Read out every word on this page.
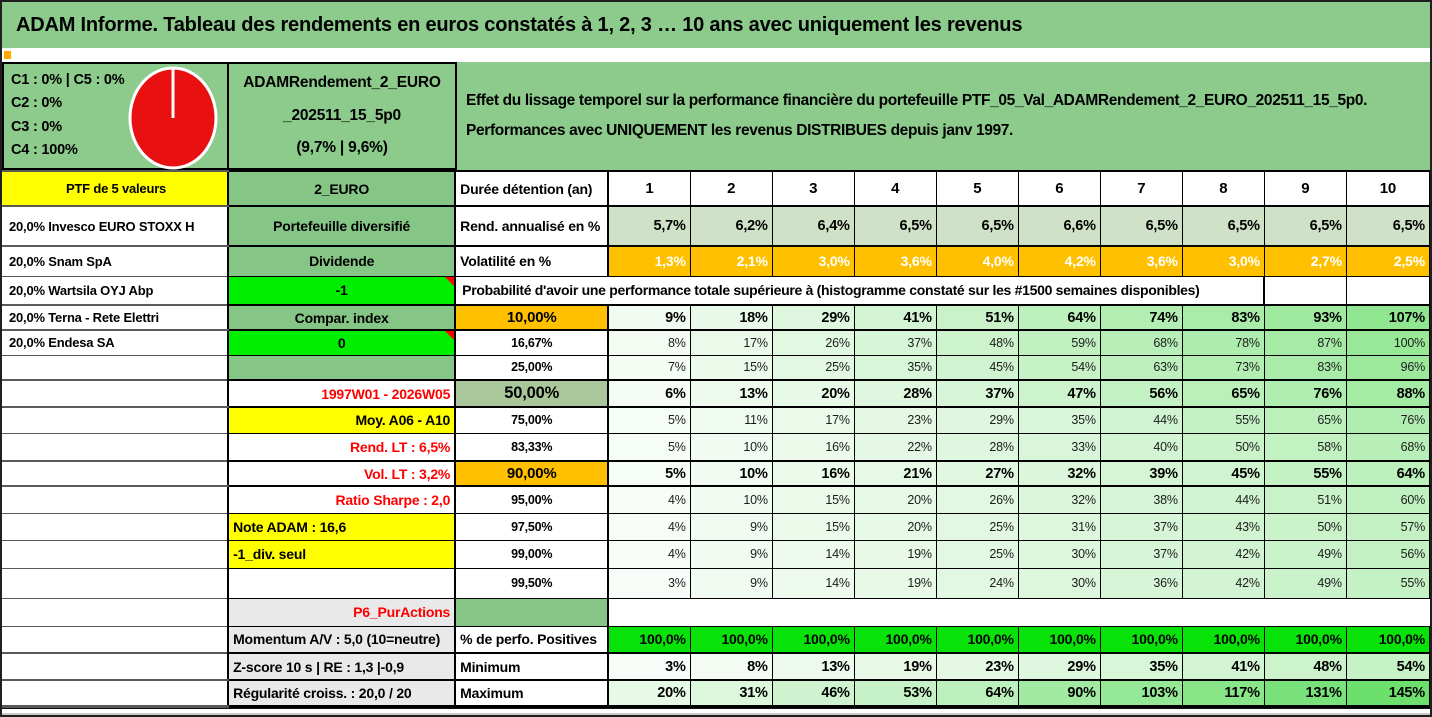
ADAM Informe. Tableau des rendements en euros constatés à 1, 2, 3 … 10 ans avec uniquement les revenus
C1 : 0% | C5 : 0%
C2 : 0%
C3 : 0%
C4 : 100%
ADAMRendement_2_EURO
_202511_15_5p0
(9,7% | 9,6%)
Effet du lissage temporel sur la performance financière du portefeuille PTF_05_Val_ADAMRendement_2_EURO_202511_15_5p0.
Performances avec UNIQUEMENT les revenus DISTRIBUES depuis janv 1997.
PTF de 5 valeurs	2_EURO	Durée détention (an)	1	2	3	4	5	6	7	8	9	10
20,0% Invesco EURO STOXX H	Portefeuille diversifié	Rend. annualisé en %	5,7%	6,2%	6,4%	6,5%	6,5%	6,6%	6,5%	6,5%	6,5%	6,5%
20,0% Snam SpA	Dividende	Volatilité en %	1,3%	2,1%	3,0%	3,6%	4,0%	4,2%	3,6%	3,0%	2,7%	2,5%
20,0% Wartsila OYJ Abp	-1	Probabilité d'avoir une performance totale supérieure à (histogramme constaté sur les #1500 semaines disponibles)										
20,0% Terna - Rete Elettri	Compar. index	10,00%	9%	18%	29%	41%	51%	64%	74%	83%	93%	107%
20,0% Endesa SA	0	16,67%	8%	17%	26%	37%	48%	59%	68%	78%	87%	100%
		25,00%	7%	15%	25%	35%	45%	54%	63%	73%	83%	96%
	1997W01 - 2026W05	50,00%	6%	13%	20%	28%	37%	47%	56%	65%	76%	88%
	Moy. A06 - A10	75,00%	5%	11%	17%	23%	29%	35%	44%	55%	65%	76%
	Rend. LT : 6,5%	83,33%	5%	10%	16%	22%	28%	33%	40%	50%	58%	68%
	Vol. LT : 3,2%	90,00%	5%	10%	16%	21%	27%	32%	39%	45%	55%	64%
	Ratio Sharpe : 2,0	95,00%	4%	10%	15%	20%	26%	32%	38%	44%	51%	60%
	Note ADAM : 16,6	97,50%	4%	9%	15%	20%	25%	31%	37%	43%	50%	57%
	-1_div. seul	99,00%	4%	9%	14%	19%	25%	30%	37%	42%	49%	56%
		99,50%	3%	9%	14%	19%	24%	30%	36%	42%	49%	55%
	P6_PurActions											
	Momentum A/V : 5,0 (10=neutre)	% de perfo. Positives	100,0%	100,0%	100,0%	100,0%	100,0%	100,0%	100,0%	100,0%	100,0%	100,0%
	Z-score 10 s | RE : 1,3 |-0,9	Minimum	3%	8%	13%	19%	23%	29%	35%	41%	48%	54%
	Régularité croiss. : 20,0 / 20	Maximum	20%	31%	46%	53%	64%	90%	103%	117%	131%	145%
